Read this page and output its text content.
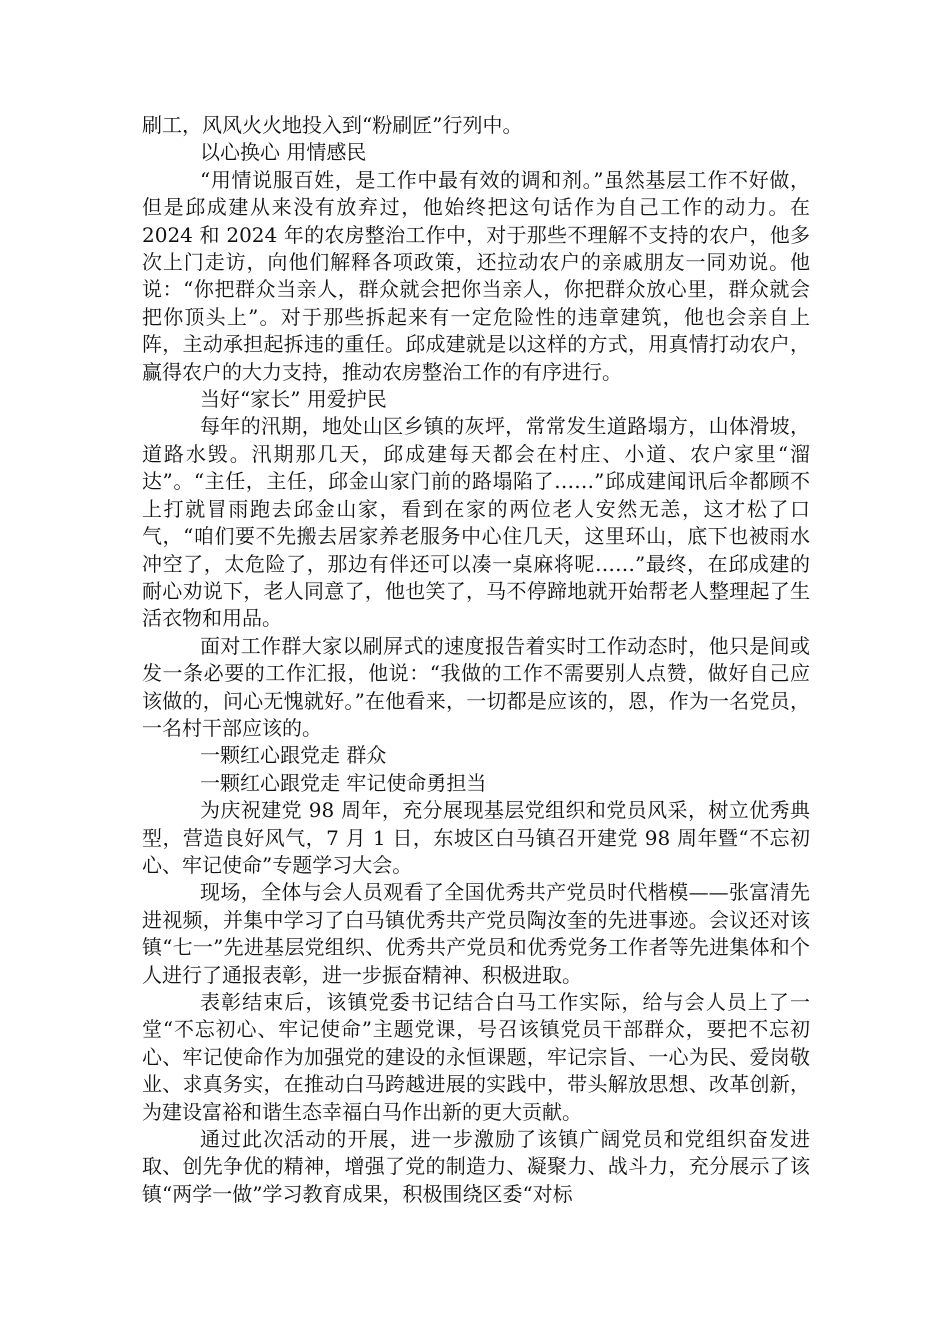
刷工，风风火火地投入到“粉刷匠”行列中。

以心换心 用情感民

“用情说服百姓，是工作中最有效的调和剂。”虽然基层工作不好做，但是邱成建从来没有放弃过，他始终把这句话作为自己工作的动力。在 2024 和 2024 年的农房整治工作中，对于那些不理解不支持的农户，他多次上门走访，向他们解释各项政策，还拉动农户的亲戚朋友一同劝说。他说：“你把群众当亲人，群众就会把你当亲人，你把群众放心里，群众就会把你顶头上”。对于那些拆起来有一定危险性的违章建筑，他也会亲自上阵，主动承担起拆违的重任。邱成建就是以这样的方式，用真情打动农户，赢得农户的大力支持，推动农房整治工作的有序进行。

当好“家长” 用爱护民

每年的汛期，地处山区乡镇的灰坪，常常发生道路塌方，山体滑坡，道路水毁。汛期那几天，邱成建每天都会在村庄、小道、农户家里“溜达”。“主任，主任，邱金山家门前的路塌陷了……”邱成建闻讯后伞都顾不上打就冒雨跑去邱金山家，看到在家的两位老人安然无恙，这才松了口气，“咱们要不先搬去居家养老服务中心住几天，这里环山，底下也被雨水冲空了，太危险了，那边有伴还可以凑一桌麻将呢……”最终，在邱成建的耐心劝说下，老人同意了，他也笑了，马不停蹄地就开始帮老人整理起了生活衣物和用品。

面对工作群大家以刷屏式的速度报告着实时工作动态时，他只是间或发一条必要的工作汇报，他说：“我做的工作不需要别人点赞，做好自己应该做的，问心无愧就好。”在他看来，一切都是应该的，恩，作为一名党员，一名村干部应该的。

一颗红心跟党走 群众

一颗红心跟党走 牢记使命勇担当

为庆祝建党 98 周年，充分展现基层党组织和党员风采，树立优秀典型，营造良好风气，7 月 1 日，东坡区白马镇召开建党 98 周年暨“不忘初心、牢记使命”专题学习大会。

现场，全体与会人员观看了全国优秀共产党员时代楷模——张富清先进视频，并集中学习了白马镇优秀共产党员陶汝奎的先进事迹。会议还对该镇“七一”先进基层党组织、优秀共产党员和优秀党务工作者等先进集体和个人进行了通报表彰，进一步振奋精神、积极进取。

表彰结束后，该镇党委书记结合白马工作实际，给与会人员上了一堂“不忘初心、牢记使命”主题党课，号召该镇党员干部群众，要把不忘初心、牢记使命作为加强党的建设的永恒课题，牢记宗旨、一心为民、爱岗敬业、求真务实，在推动白马跨越进展的实践中，带头解放思想、改革创新，为建设富裕和谐生态幸福白马作出新的更大贡献。

通过此次活动的开展，进一步激励了该镇广阔党员和党组织奋发进取、创先争优的精神，增强了党的制造力、凝聚力、战斗力，充分展示了该镇“两学一做”学习教育成果，积极围绕区委“对标
